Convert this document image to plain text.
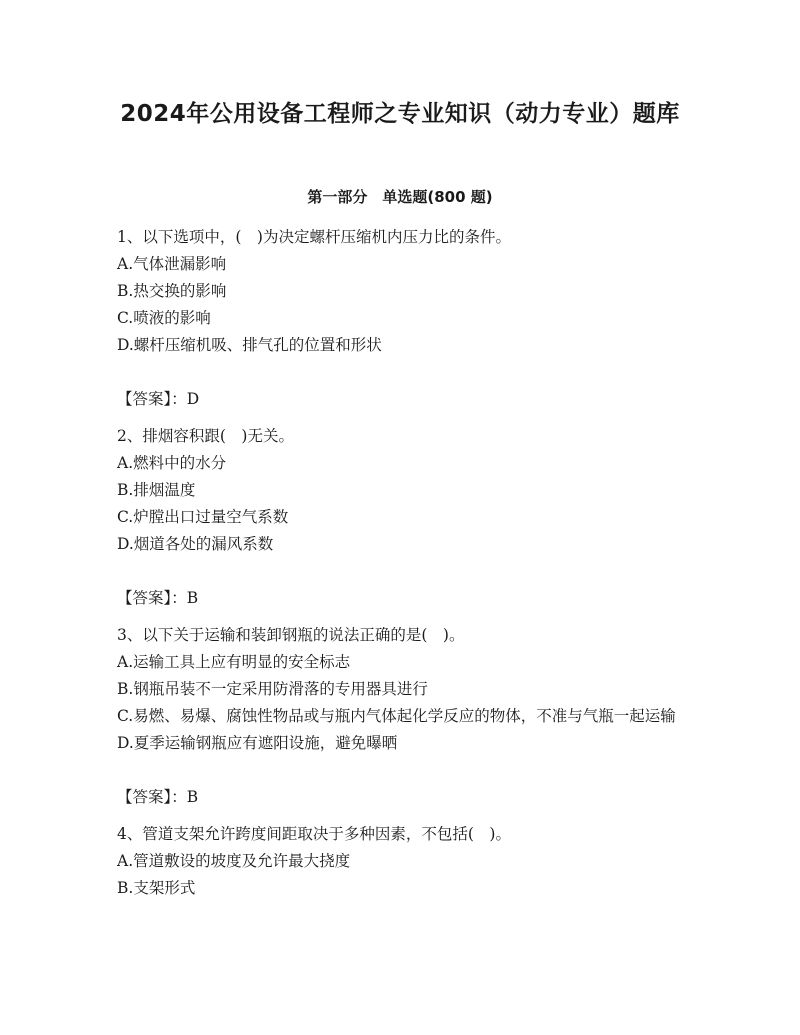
2024年公用设备工程师之专业知识（动力专业）题库
第一部分　单选题(800 题)

1、以下选项中，(　)为决定螺杆压缩机内压力比的条件。

A.气体泄漏影响

B.热交换的影响

C.喷液的影响

D.螺杆压缩机吸、排气孔的位置和形状

【答案】：D

2、排烟容积跟(　)无关。

A.燃料中的水分

B.排烟温度

C.炉膛出口过量空气系数

D.烟道各处的漏风系数

【答案】：B

3、以下关于运输和装卸钢瓶的说法正确的是(　)。

A.运输工具上应有明显的安全标志

B.钢瓶吊装不一定采用防滑落的专用器具进行

C.易燃、易爆、腐蚀性物品或与瓶内气体起化学反应的物体，不准与气瓶一起运输

D.夏季运输钢瓶应有遮阳设施，避免曝晒

【答案】：B

4、管道支架允许跨度间距取决于多种因素，不包括(　)。

A.管道敷设的坡度及允许最大挠度

B.支架形式
